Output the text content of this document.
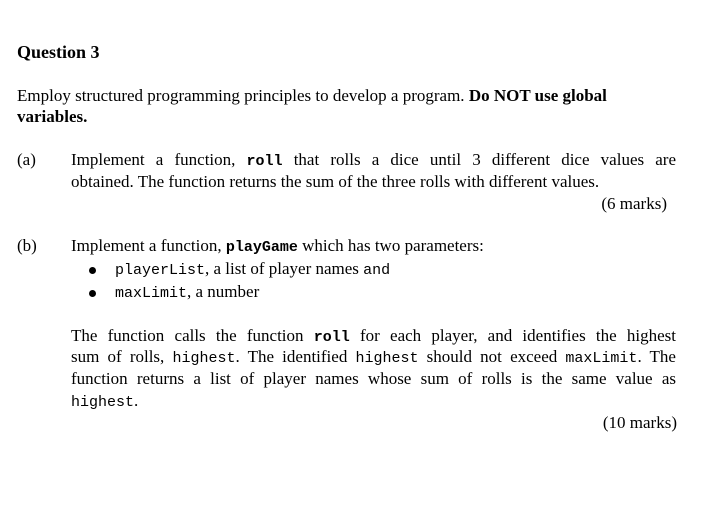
Question 3
Employ structured programming principles to develop a program. Do NOT use global
variables.
(a) Implement a function, roll that rolls a dice until 3 different dice values are
obtained. The function returns the sum of the three rolls with different values.
(6 marks)
(b) Implement a function, playGame which has two parameters:
playerList, a list of player names and
maxLimit, a number
The function calls the function roll for each player, and identifies the highest
sum of rolls, highest. The identified highest should not exceed maxLimit. The
function returns a list of player names whose sum of rolls is the same value as
highest.
(10 marks)
